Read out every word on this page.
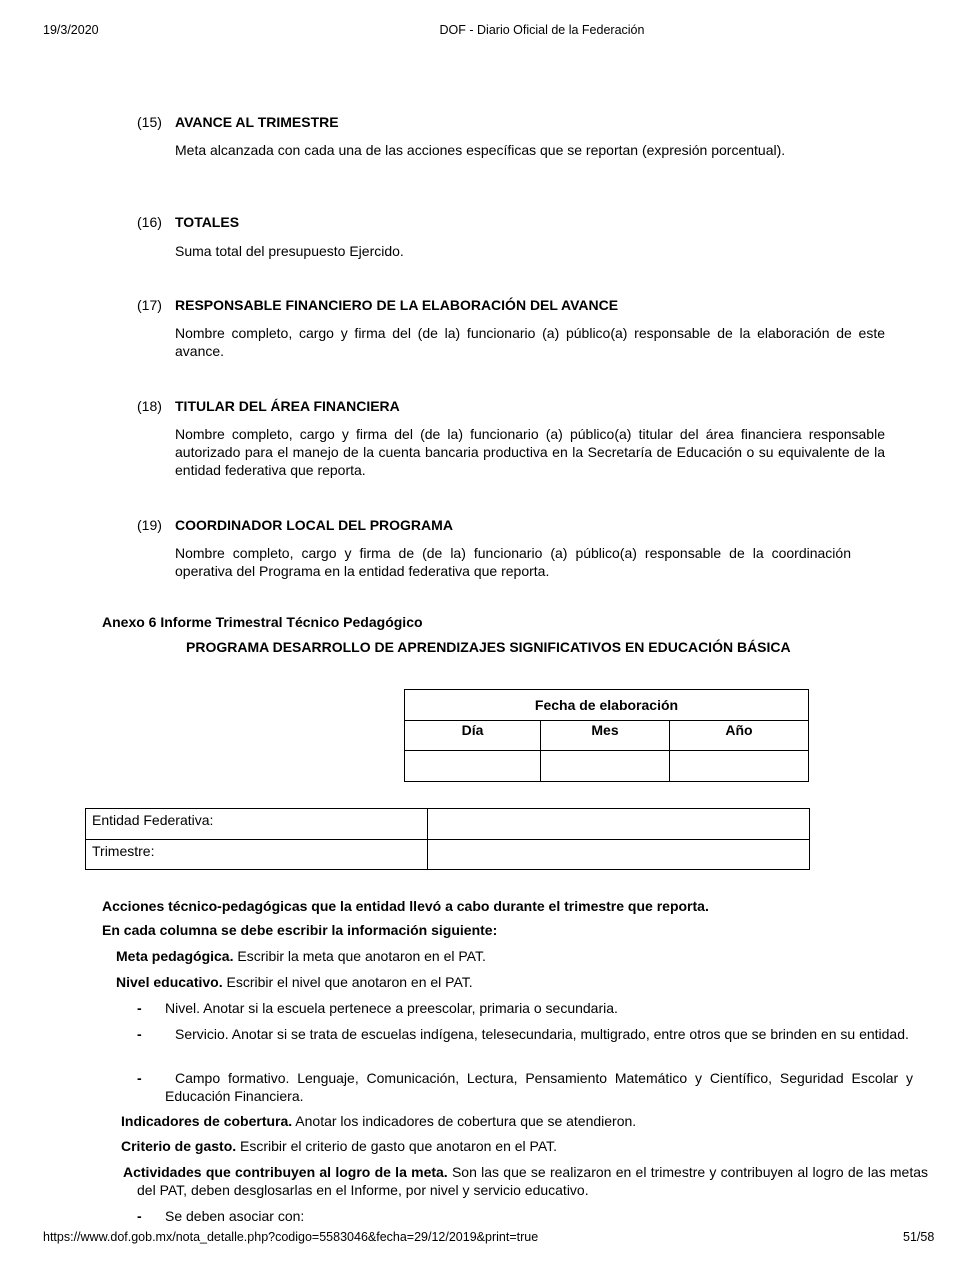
19/3/2020	DOF - Diario Oficial de la Federación
(15) AVANCE AL TRIMESTRE
Meta alcanzada con cada una de las acciones específicas que se reportan (expresión porcentual).
(16) TOTALES
Suma total del presupuesto Ejercido.
(17) RESPONSABLE FINANCIERO DE LA ELABORACIÓN DEL AVANCE
Nombre completo, cargo y firma del (de la) funcionario (a) público(a) responsable de la elaboración de este avance.
(18) TITULAR DEL ÁREA FINANCIERA
Nombre completo, cargo y firma del (de la) funcionario (a) público(a) titular del área financiera responsable autorizado para el manejo de la cuenta bancaria productiva en la Secretaría de Educación o su equivalente de la entidad federativa que reporta.
(19) COORDINADOR LOCAL DEL PROGRAMA
Nombre completo, cargo y firma de (de la) funcionario (a) público(a) responsable de la coordinación operativa del Programa en la entidad federativa que reporta.
Anexo 6 Informe Trimestral Técnico Pedagógico
PROGRAMA DESARROLLO DE APRENDIZAJES SIGNIFICATIVOS EN EDUCACIÓN BÁSICA
Fecha de elaboración		
Día	Mes	Año

Entidad Federativa:	
Trimestre:	
Acciones técnico-pedagógicas que la entidad llevó a cabo durante el trimestre que reporta.
En cada columna se debe escribir la información siguiente:
Meta pedagógica. Escribir la meta que anotaron en el PAT.
Nivel educativo. Escribir el nivel que anotaron en el PAT.
- Nivel. Anotar si la escuela pertenece a preescolar, primaria o secundaria.
-	Servicio. Anotar si se trata de escuelas indígena, telesecundaria, multigrado, entre otros que se brinden en su entidad.
-	Campo formativo. Lenguaje, Comunicación, Lectura, Pensamiento Matemático y Científico, Seguridad Escolar y Educación Financiera.
Indicadores de cobertura. Anotar los indicadores de cobertura que se atendieron.
Criterio de gasto. Escribir el criterio de gasto que anotaron en el PAT.
Actividades que contribuyen al logro de la meta. Son las que se realizaron en el trimestre y contribuyen al logro de las metas del PAT, deben desglosarlas en el Informe, por nivel y servicio educativo.
- Se deben asociar con:
https://www.dof.gob.mx/nota_detalle.php?codigo=5583046&fecha=29/12/2019&print=true	51/58
